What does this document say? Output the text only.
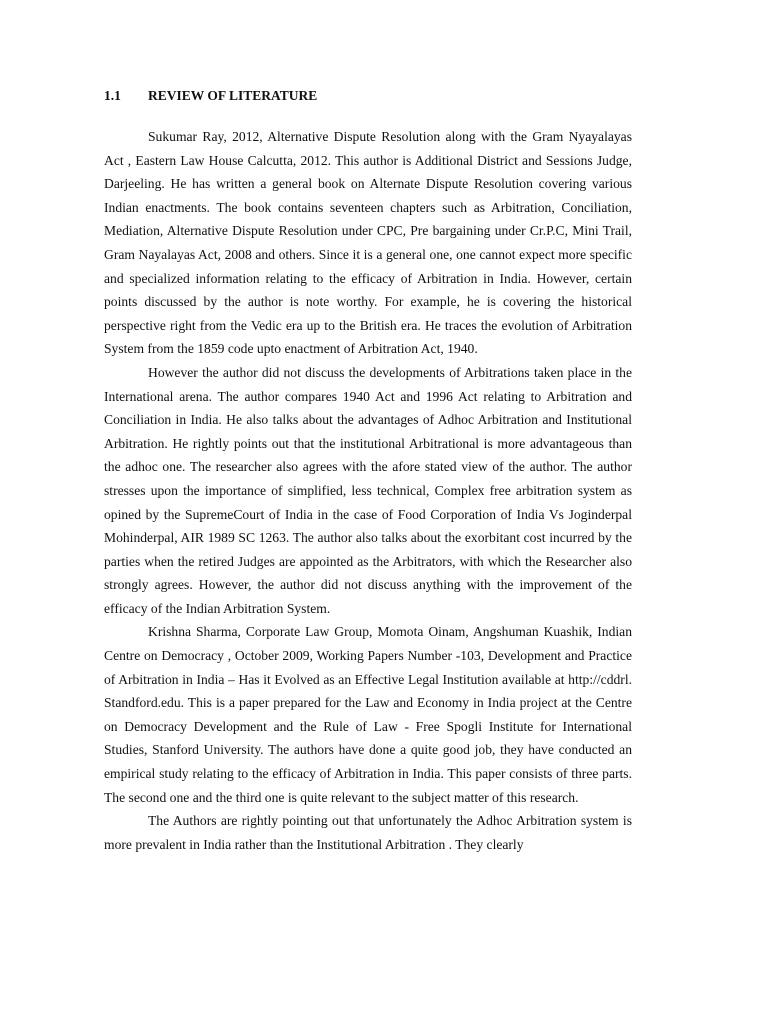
1.1 REVIEW OF LITERATURE

Sukumar Ray, 2012, Alternative Dispute Resolution along with the Gram Nyayalayas Act , Eastern Law House Calcutta, 2012. This author is Additional District and Sessions Judge, Darjeeling. He has written a general book on Alternate Dispute Resolution covering various Indian enactments. The book contains seventeen chapters such as Arbitration, Conciliation, Mediation, Alternative Dispute Resolution under CPC, Pre bargaining under Cr.P.C, Mini Trail, Gram Nayalayas Act, 2008 and others. Since it is a general one, one cannot expect more specific and specialized information relating to the efficacy of Arbitration in India. However, certain points discussed by the author is note worthy. For example, he is covering the historical perspective right from the Vedic era up to the British era. He traces the evolution of Arbitration System from the 1859 code upto enactment of Arbitration Act, 1940.

However the author did not discuss the developments of Arbitrations taken place in the International arena. The author compares 1940 Act and 1996 Act relating to Arbitration and Conciliation in India. He also talks about the advantages of Adhoc Arbitration and Institutional Arbitration. He rightly points out that the institutional Arbitrational is more advantageous than the adhoc one. The researcher also agrees with the afore stated view of the author. The author stresses upon the importance of simplified, less technical, Complex free arbitration system as opined by the SupremeCourt of India in the case of Food Corporation of India Vs Joginderpal Mohinderpal, AIR 1989 SC 1263. The author also talks about the exorbitant cost incurred by the parties when the retired Judges are appointed as the Arbitrators, with which the Researcher also strongly agrees. However, the author did not discuss anything with the improvement of the efficacy of the Indian Arbitration System.

Krishna Sharma, Corporate Law Group, Momota Oinam, Angshuman Kuashik, Indian Centre on Democracy , October 2009, Working Papers Number -103, Development and Practice of Arbitration in India – Has it Evolved as an Effective Legal Institution available at http://cddrl. Standford.edu. This is a paper prepared for the Law and Economy in India project at the Centre on Democracy Development and the Rule of Law - Free Spogli Institute for International Studies, Stanford University. The authors have done a quite good job, they have conducted an empirical study relating to the efficacy of Arbitration in India. This paper consists of three parts. The second one and the third one is quite relevant to the subject matter of this research.

The Authors are rightly pointing out that unfortunately the Adhoc Arbitration system is more prevalent in India rather than the Institutional Arbitration . They clearly
